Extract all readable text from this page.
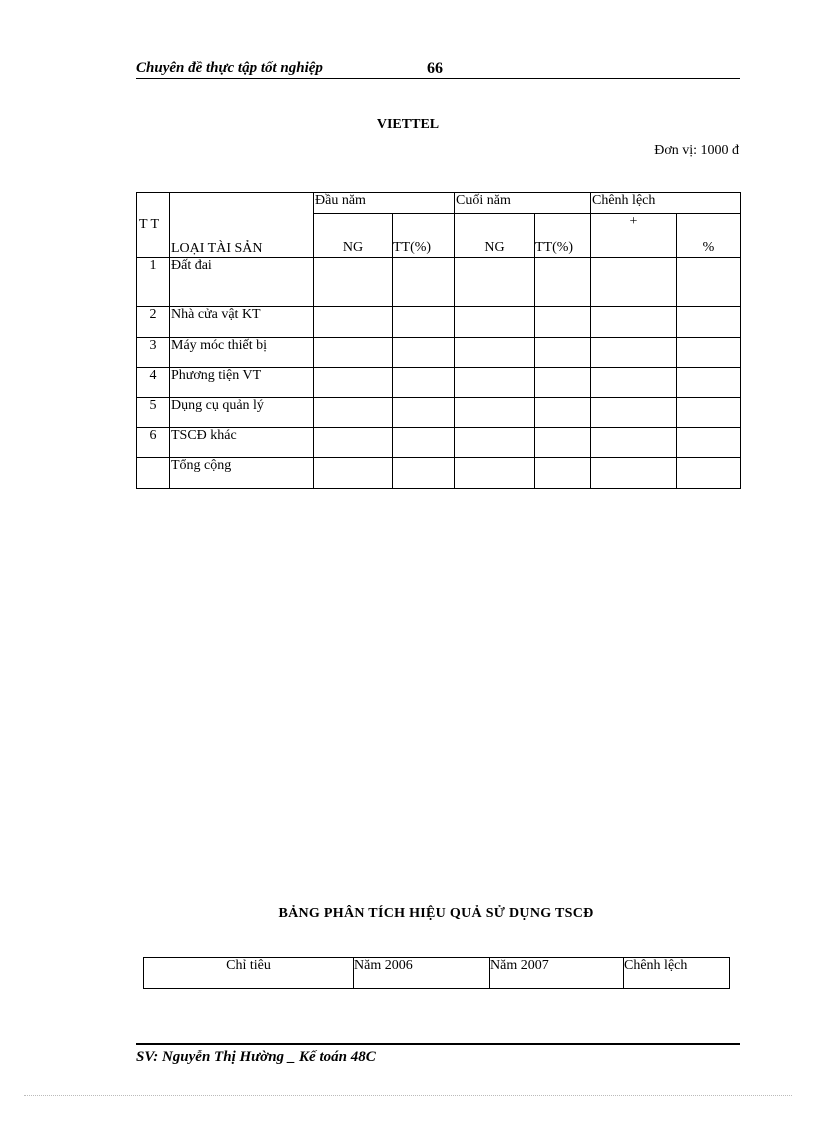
Chuyên đề thực tập tốt nghiệp	66
VIETTEL
Đơn vị: 1000 đ
T T	LOẠI TÀI SẢN	Đầu năm		Cuối năm		Chênh lệch	
		NG	TT(%)	NG	TT(%)	+	%
1	Đất đai						
2	Nhà cửa vật KT						
3	Máy móc thiết bị						
4	Phương tiện VT						
5	Dụng cụ quản lý						
6	TSCĐ khác						
	Tổng cộng						
BẢNG PHÂN TÍCH HIỆU QUẢ SỬ DỤNG TSCĐ
Chỉ tiêu	Năm 2006	Năm 2007	Chênh lệch
SV: Nguyễn Thị Hường _ Kế toán 48C
